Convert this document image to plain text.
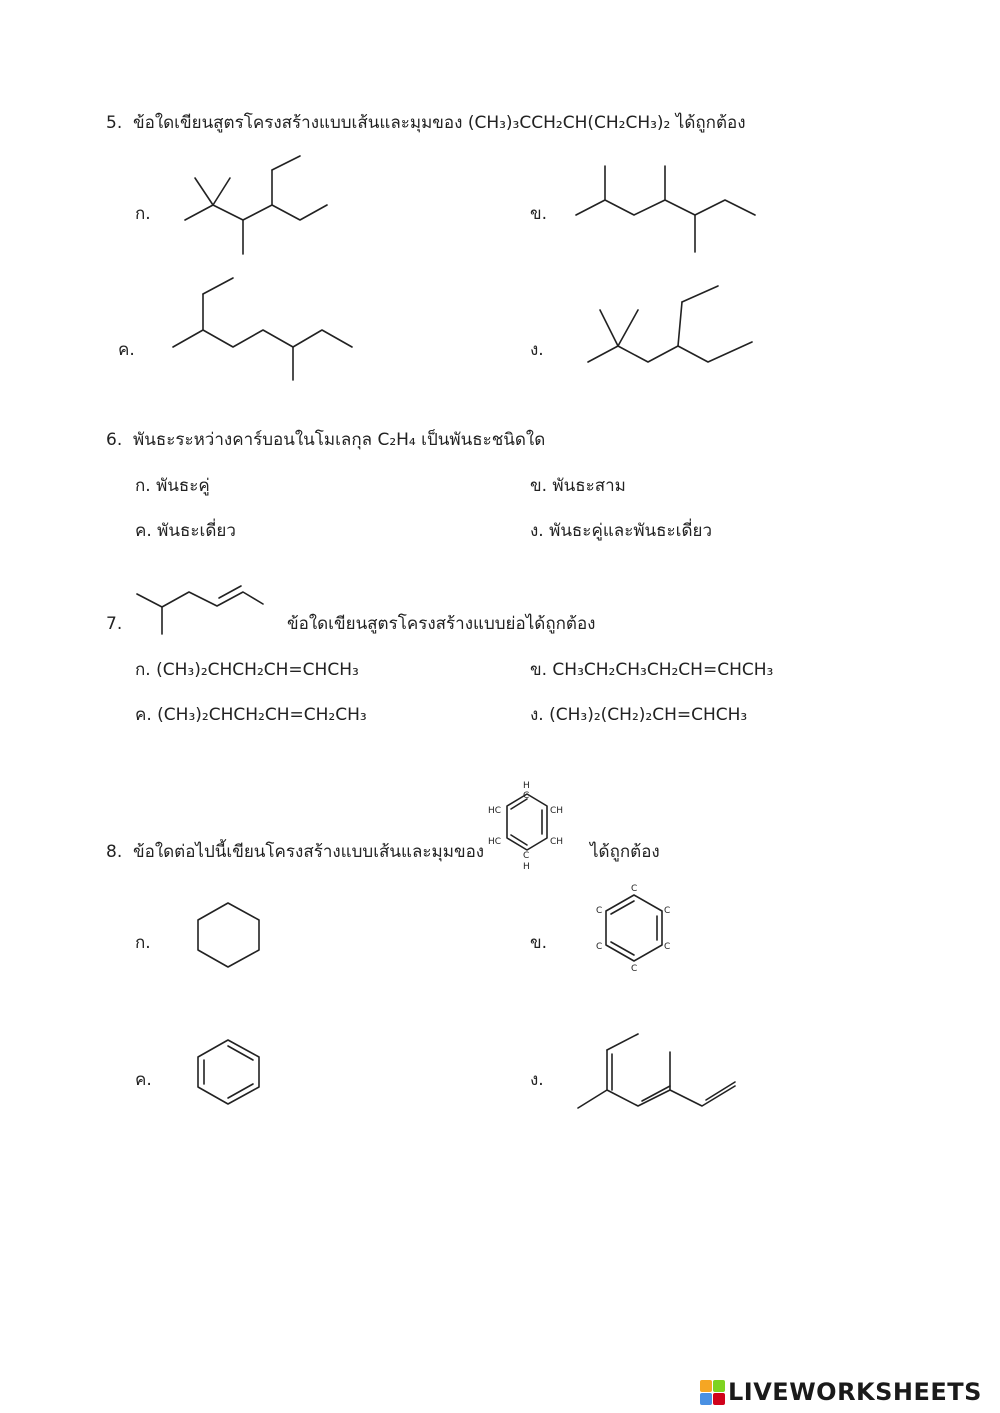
5. ข้อใดเขียนสูตรโครงสร้างแบบเส้นและมุมของ (CH₃)₃CCH₂CH(CH₂CH₃)₂ ได้ถูกต้อง
ก.	ข.
ค.	ง.
6. พันธะระหว่างคาร์บอนในโมเลกุล C₂H₄ เป็นพันธะชนิดใด
ก. พันธะคู่	ข. พันธะสาม
ค. พันธะเดี่ยว	ง. พันธะคู่และพันธะเดี่ยว
7.	ข้อใดเขียนสูตรโครงสร้างแบบย่อได้ถูกต้อง
ก. (CH₃)₂CHCH₂CH=CHCH₃	ข. CH₃CH₂CH₃CH₂CH=CHCH₃
ค. (CH₃)₂CHCH₂CH=CH₂CH₃	ง. (CH₃)₂(CH₂)₂CH=CHCH₃
8. ข้อใดต่อไปนี้เขียนโครงสร้างแบบเส้นและมุมของ
H
C
HC	CH
HC	CH
C
H
ได้ถูกต้อง
ก.	ข.
C
C
C
C
C
C
ค.	ง.
LIVEWORKSHEETS
